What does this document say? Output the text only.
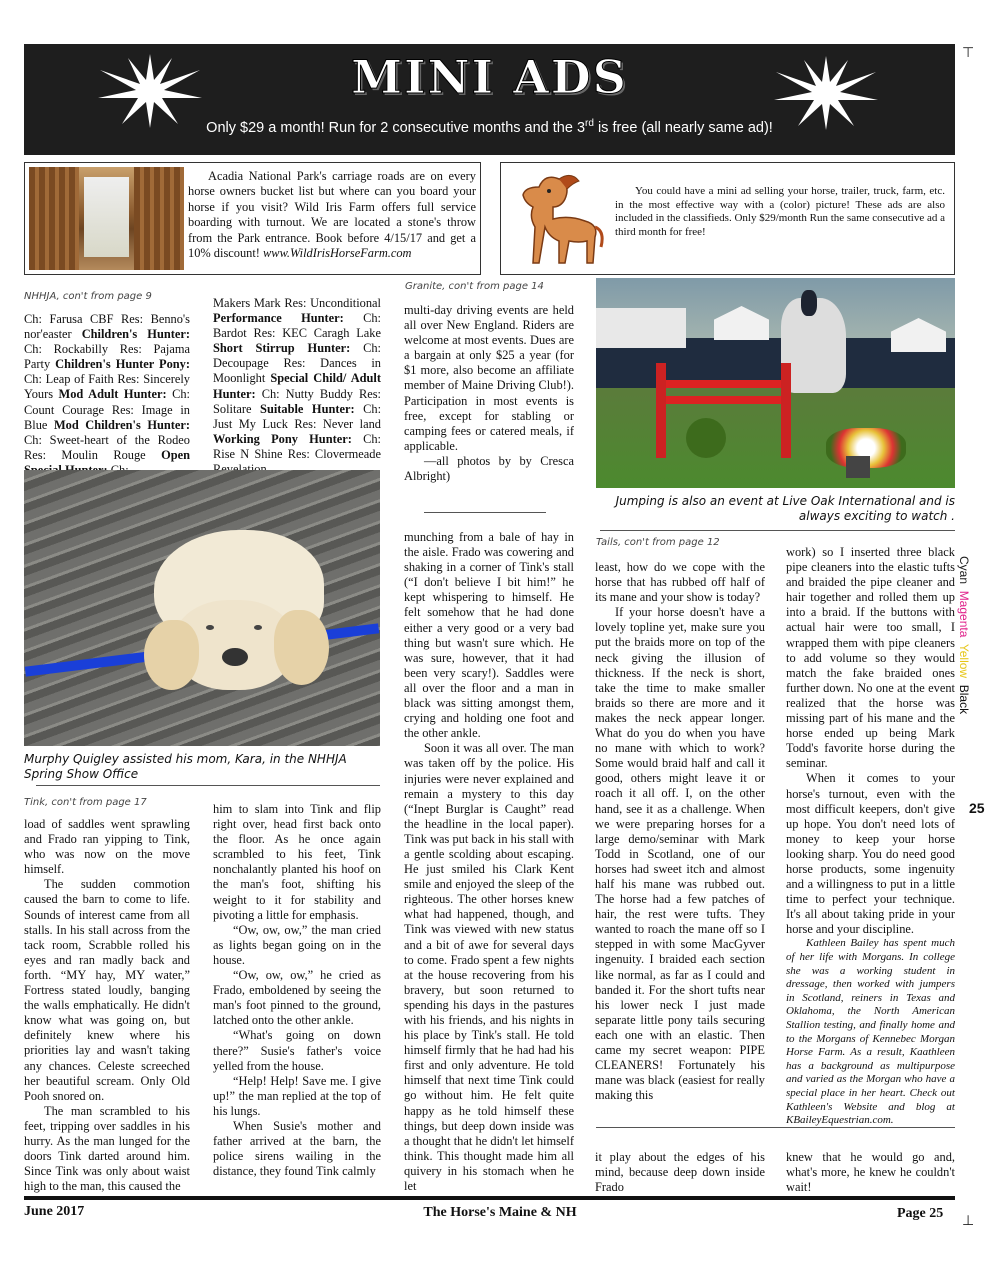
⊤
⊥
MINI ADS
Only $29 a month! Run for 2 consecutive months and the 3rd is free (all nearly same ad)!
Acadia National Park's carriage roads are on every horse owners bucket list but where can you board your horse if you visit? Wild Iris Farm offers full service boarding with turnout. We are located a stone's throw from the Park entrance. Book before 4/15/17 and get a 10% discount! www.WildIrisHorseFarm.com
You could have a mini ad selling your horse, trailer, truck, farm, etc. in the most effective way with a (color) picture! These ads are also included in the classifieds. Only $29/month Run the same consecutive ad a third month for free!
NHHJA, con't from page 9
Ch: Farusa CBF Res: Benno's nor'easter Children's Hunter: Ch: Rockabilly Res: Pajama Party Children's Hunter Pony: Ch: Leap of Faith Res: Sincerely Yours Mod Adult Hunter: Ch: Count Courage Res: Image in Blue Mod Children's Hunter: Ch: Sweet-heart of the Rodeo Res: Moulin Rouge Open
Makers Mark Res: Unconditional Performance Hunter: Ch: Bardot Res: KEC Caragh Lake Short Stirrup Hunter: Ch: Decoupage Res: Dances in Moonlight Special Child/ Adult Hunter: Ch: Nutty Buddy Res: Solitare Suitable Hunter: Ch: Just My Luck Res: Never land Working Pony Hunter: Ch: Rise N Shine Res: Clovermeade
Granite, con't from page 14

multi-day driving events are held all over New England. Riders are welcome at most events. Dues are a bargain at only $25 a year (for $1 more, also become an affiliate member of Maine Driving Club!). Participation in most events is free, except for stabling or camping fees or catered meals, if applicable.

—all photos by by Cresca Albright)

Jumping is also an event at Live Oak International and is always exciting to watch .
Murphy Quigley assisted his mom, Kara, in the NHHJA Spring Show Office
Tink, con't from page 17

load of saddles went sprawling and Frado ran yipping to Tink, who was now on the move himself.

The sudden commotion caused the barn to come to life. Sounds of interest came from all stalls. In his stall across from the tack room, Scrabble rolled his eyes and ran madly back and forth. “MY hay, MY water,” Fortress stated loudly, banging the walls emphatically. He didn't know what was going on, but definitely knew where his priorities lay and wasn't taking any chances. Celeste screeched her beautiful scream. Only Old Pooh snored on.

The man scrambled to his feet, tripping over saddles in his hurry. As the man lunged for the doors Tink darted around him. Since Tink was only about waist high to the man, this caused the

him to slam into Tink and flip right over, head first back onto the floor. As he once again scrambled to his feet, Tink nonchalantly planted his hoof on the man's foot, shifting his weight to it for stability and pivoting a little for emphasis.

“Ow, ow, ow,” the man cried as lights began going on in the house.

“Ow, ow, ow,” he cried as Frado, emboldened by seeing the man's foot pinned to the ground, latched onto the other ankle.

“What's going on down there?” Susie's father's voice yelled from the house.

“Help! Help! Save me. I give up!” the man replied at the top of his lungs.

When Susie's mother and father arrived at the barn, the police sirens wailing in the distance, they found Tink calmly

munching from a bale of hay in the aisle. Frado was cowering and shaking in a corner of Tink's stall (“I don't believe I bit him!” he kept whispering to himself. He felt somehow that he had done either a very good or a very bad thing but wasn't sure which. He was sure, however, that it had been very scary!). Saddles were all over the floor and a man in black was sitting amongst them, crying and holding one foot and the other ankle.

Soon it was all over. The man was taken off by the police. His injuries were never explained and remain a mystery to this day (“Inept Burglar is Caught” read the headline in the local paper). Tink was put back in his stall with a gentle scolding about escaping. He just smiled his Clark Kent smile and enjoyed the sleep of the righteous. The other horses knew what had happened, though, and Tink was viewed with new status and a bit of awe for several days to come. Frado spent a few nights at the house recovering from his bravery, but soon returned to spending his days in the pastures with his friends, and his nights in his place by Tink's stall. He told himself firmly that he had had his first and only adventure. He told himself that next time Tink could go without him. He felt quite happy as he told himself these things, but deep down inside was a thought that he didn't let himself think. This thought made him all quivery in his stomach when he let

it play about the edges of his mind, because deep down inside Frado

knew that he would go and, what's more, he knew he couldn't wait!

Tails, con't from page 12

least, how do we cope with the horse that has rubbed off half of its mane and your show is today?

If your horse doesn't have a lovely topline yet, make sure you put the braids more on top of the neck giving the illusion of thickness. If the neck is short, take the time to make smaller braids so there are more and it makes the neck appear longer. What do you do when you have no mane with which to work? Some would braid half and call it good, others might leave it or roach it all off. I, on the other hand, see it as a challenge. When we were preparing horses for a large demo/seminar with Mark Todd in Scotland, one of our horses had sweet itch and almost half his mane was rubbed out. The horse had a few patches of hair, the rest were tufts. They wanted to roach the mane off so I stepped in with some MacGyver ingenuity. I braided each section like normal, as far as I could and banded it. For the short tufts near his lower neck I just made separate little pony tails securing each one with an elastic. Then came my secret weapon: PIPE CLEANERS! Fortunately his mane was black (easiest for really making this

work) so I inserted three black pipe cleaners into the elastic tufts and braided the pipe cleaner and hair together and rolled them up into a braid. If the buttons with actual hair were too small, I wrapped them with pipe cleaners to add volume so they would match the fake braided ones further down. No one at the event realized that the horse was missing part of his mane and the horse ended up being Mark Todd's favorite horse during the seminar.

When it comes to your horse's turnout, even with the most difficult keepers, don't give up hope. You don't need lots of money to keep your horse looking sharp. You do need good horse products, some ingenuity and a willingness to put in a little time to perfect your technique. It's all about taking pride in your horse and your discipline.

Kathleen Bailey has spent much of her life with Morgans. In college she was a working student in dressage, then worked with jumpers in Scotland, reiners in Texas and Oklahoma, the North American Stallion testing, and finally home and to the Morgans of Kennebec Morgan Horse Farm. As a result, Kaathleen has a background as multipurpose and varied as the Morgan who have a special place in her heart. Check out Kathleen's Website and blog at KBaileyEquestrian.com.

Cyan  Magenta  Yellow  Black
25
June 2017	The Horse's Maine & NH	Page 25
